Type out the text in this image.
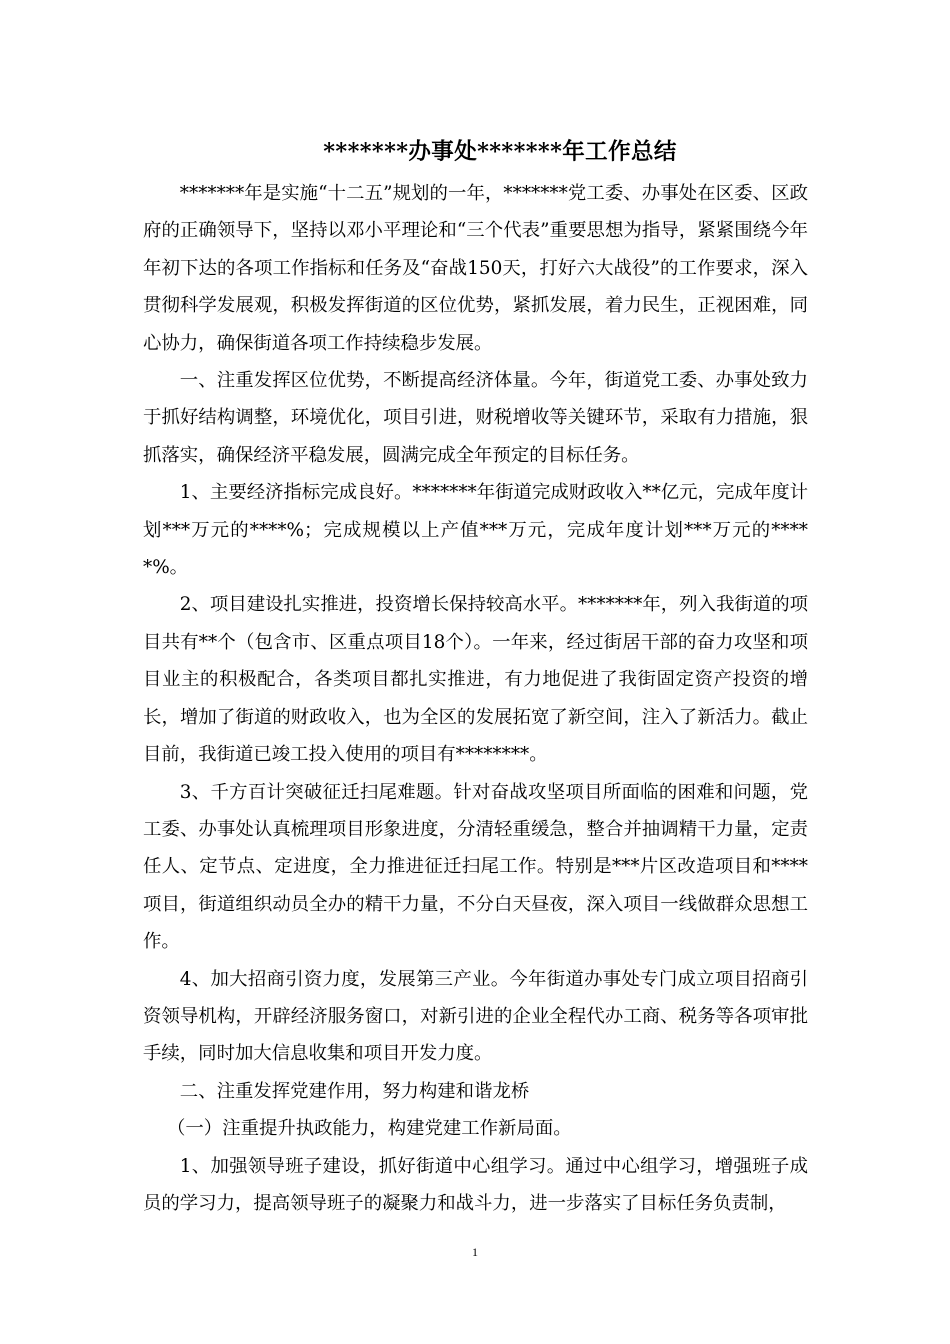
*******办事处*******年工作总结

*******年是实施“十二五”规划的一年，*******党工委、办事处在区委、区政府的正确领导下，坚持以邓小平理论和“三个代表”重要思想为指导，紧紧围绕今年年初下达的各项工作指标和任务及“奋战150天，打好六大战役”的工作要求，深入贯彻科学发展观，积极发挥街道的区位优势，紧抓发展，着力民生，正视困难，同心协力，确保街道各项工作持续稳步发展。

一、注重发挥区位优势，不断提高经济体量。今年，街道党工委、办事处致力于抓好结构调整，环境优化，项目引进，财税增收等关键环节，采取有力措施，狠抓落实，确保经济平稳发展，圆满完成全年预定的目标任务。

1、主要经济指标完成良好。*******年街道完成财政收入**亿元，完成年度计划***万元的****%；完成规模以上产值***万元，完成年度计划***万元的*****%。

2、项目建设扎实推进，投资增长保持较高水平。*******年，列入我街道的项目共有**个（包含市、区重点项目18个）。一年来，经过街居干部的奋力攻坚和项目业主的积极配合，各类项目都扎实推进，有力地促进了我街固定资产投资的增长，增加了街道的财政收入，也为全区的发展拓宽了新空间，注入了新活力。截止目前，我街道已竣工投入使用的项目有********。

3、千方百计突破征迁扫尾难题。针对奋战攻坚项目所面临的困难和问题，党工委、办事处认真梳理项目形象进度，分清轻重缓急，整合并抽调精干力量，定责任人、定节点、定进度，全力推进征迁扫尾工作。特别是***片区改造项目和****项目，街道组织动员全办的精干力量，不分白天昼夜，深入项目一线做群众思想工作。

4、加大招商引资力度，发展第三产业。今年街道办事处专门成立项目招商引资领导机构，开辟经济服务窗口，对新引进的企业全程代办工商、税务等各项审批手续，同时加大信息收集和项目开发力度。

二、注重发挥党建作用，努力构建和谐龙桥

（一）注重提升执政能力，构建党建工作新局面。

1、加强领导班子建设，抓好街道中心组学习。通过中心组学习，增强班子成员的学习力，提高领导班子的凝聚力和战斗力，进一步落实了目标任务负责制，

1
